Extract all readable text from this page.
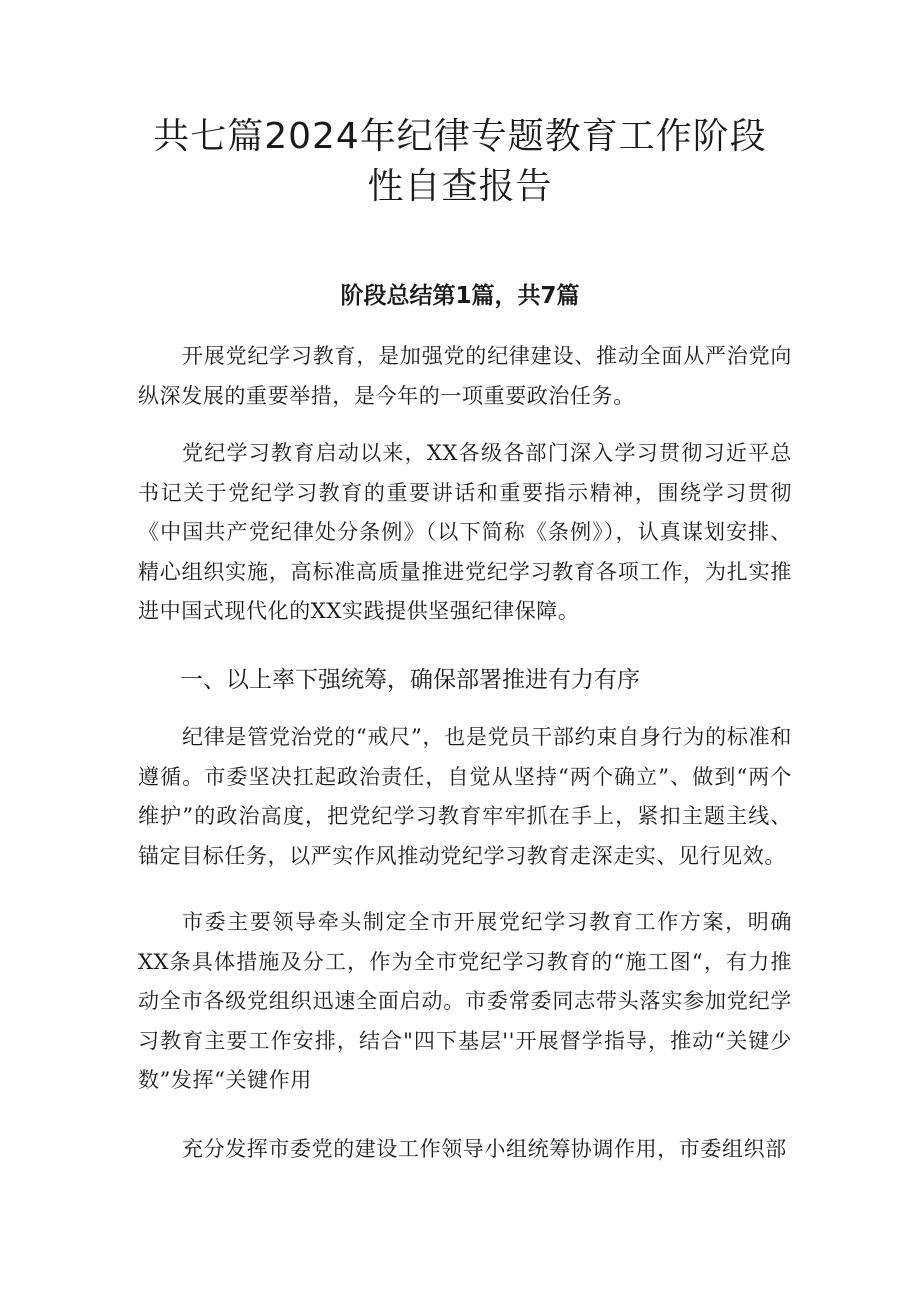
共七篇2024年纪律专题教育工作阶段性自查报告
阶段总结第1篇，共7篇

开展党纪学习教育，是加强党的纪律建设、推动全面从严治党向纵深发展的重要举措，是今年的一项重要政治任务。

党纪学习教育启动以来，XX各级各部门深入学习贯彻习近平总书记关于党纪学习教育的重要讲话和重要指示精神，围绕学习贯彻《中国共产党纪律处分条例》（以下简称《条例》），认真谋划安排、精心组织实施，高标准高质量推进党纪学习教育各项工作，为扎实推进中国式现代化的XX实践提供坚强纪律保障。

一、以上率下强统筹，确保部署推进有力有序

纪律是管党治党的“戒尺”，也是党员干部约束自身行为的标准和遵循。市委坚决扛起政治责任，自觉从坚持“两个确立”、做到“两个维护”的政治高度，把党纪学习教育牢牢抓在手上，紧扣主题主线、锚定目标任务，以严实作风推动党纪学习教育走深走实、见行见效。

市委主要领导牵头制定全市开展党纪学习教育工作方案，明确XX条具体措施及分工，作为全市党纪学习教育的“施工图“，有力推动全市各级党组织迅速全面启动。市委常委同志带头落实参加党纪学习教育主要工作安排，结合"四下基层''开展督学指导，推动“关键少数”发挥“关键作用

充分发挥市委党的建设工作领导小组统筹协调作用，市委组织部
